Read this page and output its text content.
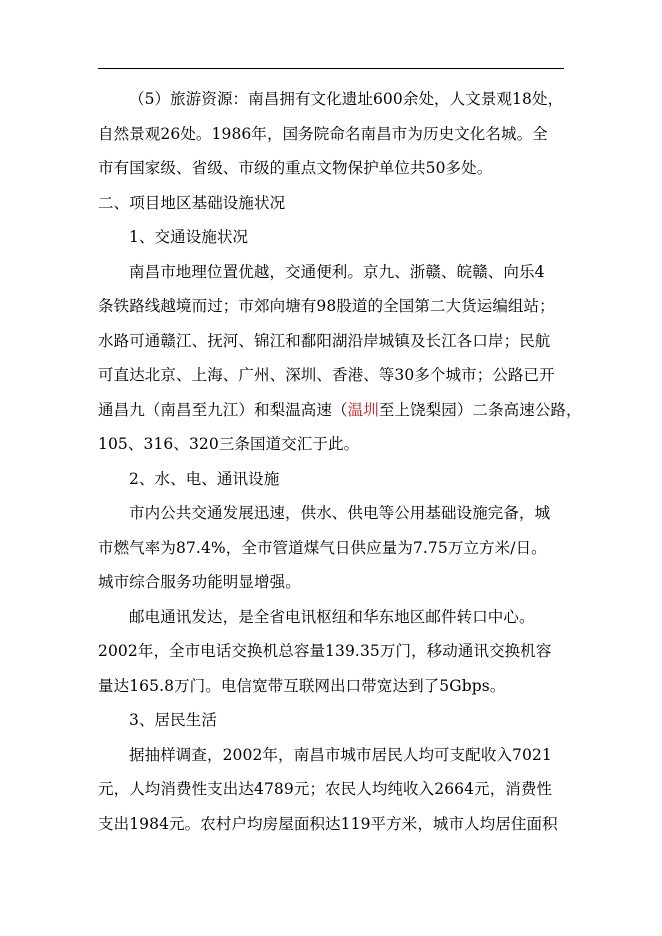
（5）旅游资源：南昌拥有文化遗址600余处，人文景观18处，
自然景观26处。1986年，国务院命名南昌市为历史文化名城。全
市有国家级、省级、市级的重点文物保护单位共50多处。
二、项目地区基础设施状况
1、交通设施状况
南昌市地理位置优越，交通便利。京九、浙赣、皖赣、向乐4
条铁路线越境而过；市郊向塘有98股道的全国第二大货运编组站；
水路可通赣江、抚河、锦江和鄱阳湖沿岸城镇及长江各口岸；民航
可直达北京、上海、广州、深圳、香港、等30多个城市；公路已开
通昌九（南昌至九江）和梨温高速（温圳至上饶梨园）二条高速公路，
105、316、320三条国道交汇于此。
2、水、电、通讯设施
市内公共交通发展迅速，供水、供电等公用基础设施完备，城
市燃气率为87.4%，全市管道煤气日供应量为7.75万立方米/日。
城市综合服务功能明显增强。
邮电通讯发达，是全省电讯枢纽和华东地区邮件转口中心。
2002年，全市电话交换机总容量139.35万门，移动通讯交换机容
量达165.8万门。电信宽带互联网出口带宽达到了5Gbps。
3、居民生活
据抽样调查，2002年，南昌市城市居民人均可支配收入7021
元，人均消费性支出达4789元；农民人均纯收入2664元，消费性
支出1984元。农村户均房屋面积达119平方米，城市人均居住面积
